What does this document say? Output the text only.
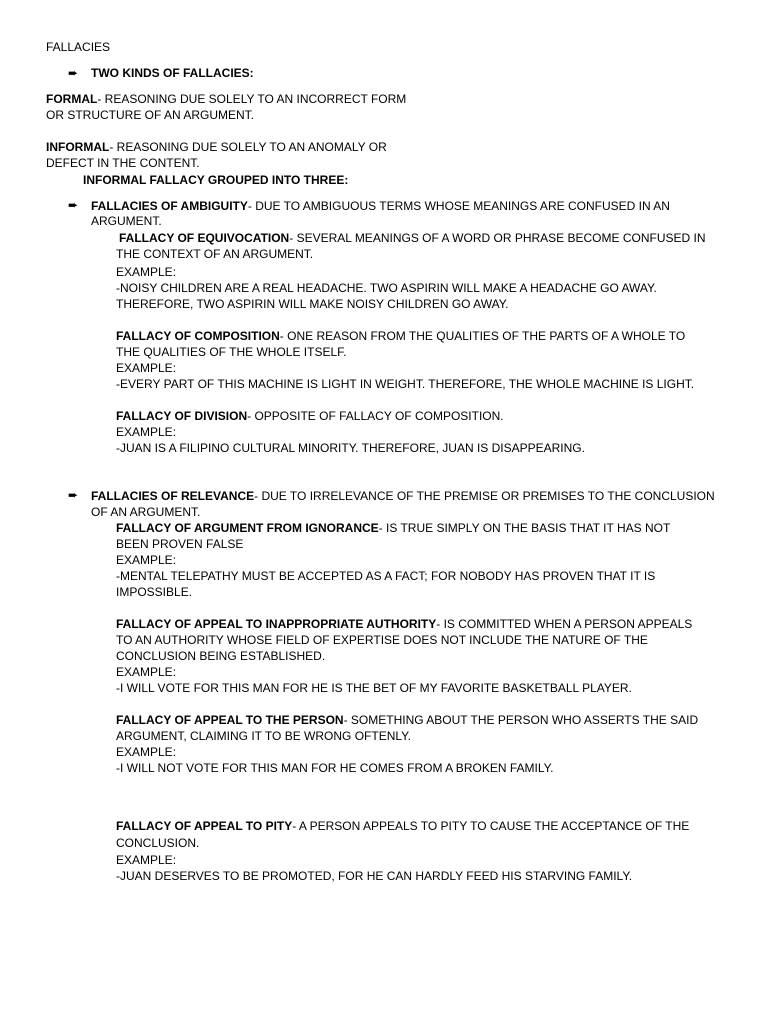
FALLACIES
➨ TWO KINDS OF FALLACIES:
FORMAL- REASONING DUE SOLELY TO AN INCORRECT FORM
OR STRUCTURE OF AN ARGUMENT.
INFORMAL- REASONING DUE SOLELY TO AN ANOMALY OR
DEFECT IN THE CONTENT.
INFORMAL FALLACY GROUPED INTO THREE:
➨ FALLACIES OF AMBIGUITY- DUE TO AMBIGUOUS TERMS WHOSE MEANINGS ARE CONFUSED IN AN
ARGUMENT.
FALLACY OF EQUIVOCATION- SEVERAL MEANINGS OF A WORD OR PHRASE BECOME CONFUSED IN
THE CONTEXT OF AN ARGUMENT.
EXAMPLE:
-NOISY CHILDREN ARE A REAL HEADACHE. TWO ASPIRIN WILL MAKE A HEADACHE GO AWAY.
THEREFORE, TWO ASPIRIN WILL MAKE NOISY CHILDREN GO AWAY.
FALLACY OF COMPOSITION- ONE REASON FROM THE QUALITIES OF THE PARTS OF A WHOLE TO
THE QUALITIES OF THE WHOLE ITSELF.
EXAMPLE:
-EVERY PART OF THIS MACHINE IS LIGHT IN WEIGHT. THEREFORE, THE WHOLE MACHINE IS LIGHT.
FALLACY OF DIVISION- OPPOSITE OF FALLACY OF COMPOSITION.
EXAMPLE:
-JUAN IS A FILIPINO CULTURAL MINORITY. THEREFORE, JUAN IS DISAPPEARING.
➨ FALLACIES OF RELEVANCE- DUE TO IRRELEVANCE OF THE PREMISE OR PREMISES TO THE CONCLUSION
OF AN ARGUMENT.
FALLACY OF ARGUMENT FROM IGNORANCE- IS TRUE SIMPLY ON THE BASIS THAT IT HAS NOT
BEEN PROVEN FALSE
EXAMPLE:
-MENTAL TELEPATHY MUST BE ACCEPTED AS A FACT; FOR NOBODY HAS PROVEN THAT IT IS
IMPOSSIBLE.
FALLACY OF APPEAL TO INAPPROPRIATE AUTHORITY- IS COMMITTED WHEN A PERSON APPEALS
TO AN AUTHORITY WHOSE FIELD OF EXPERTISE DOES NOT INCLUDE THE NATURE OF THE
CONCLUSION BEING ESTABLISHED.
EXAMPLE:
-I WILL VOTE FOR THIS MAN FOR HE IS THE BET OF MY FAVORITE BASKETBALL PLAYER.
FALLACY OF APPEAL TO THE PERSON- SOMETHING ABOUT THE PERSON WHO ASSERTS THE SAID
ARGUMENT, CLAIMING IT TO BE WRONG OFTENLY.
EXAMPLE:
-I WILL NOT VOTE FOR THIS MAN FOR HE COMES FROM A BROKEN FAMILY.
FALLACY OF APPEAL TO PITY- A PERSON APPEALS TO PITY TO CAUSE THE ACCEPTANCE OF THE
CONCLUSION.
EXAMPLE:
-JUAN DESERVES TO BE PROMOTED, FOR HE CAN HARDLY FEED HIS STARVING FAMILY.
